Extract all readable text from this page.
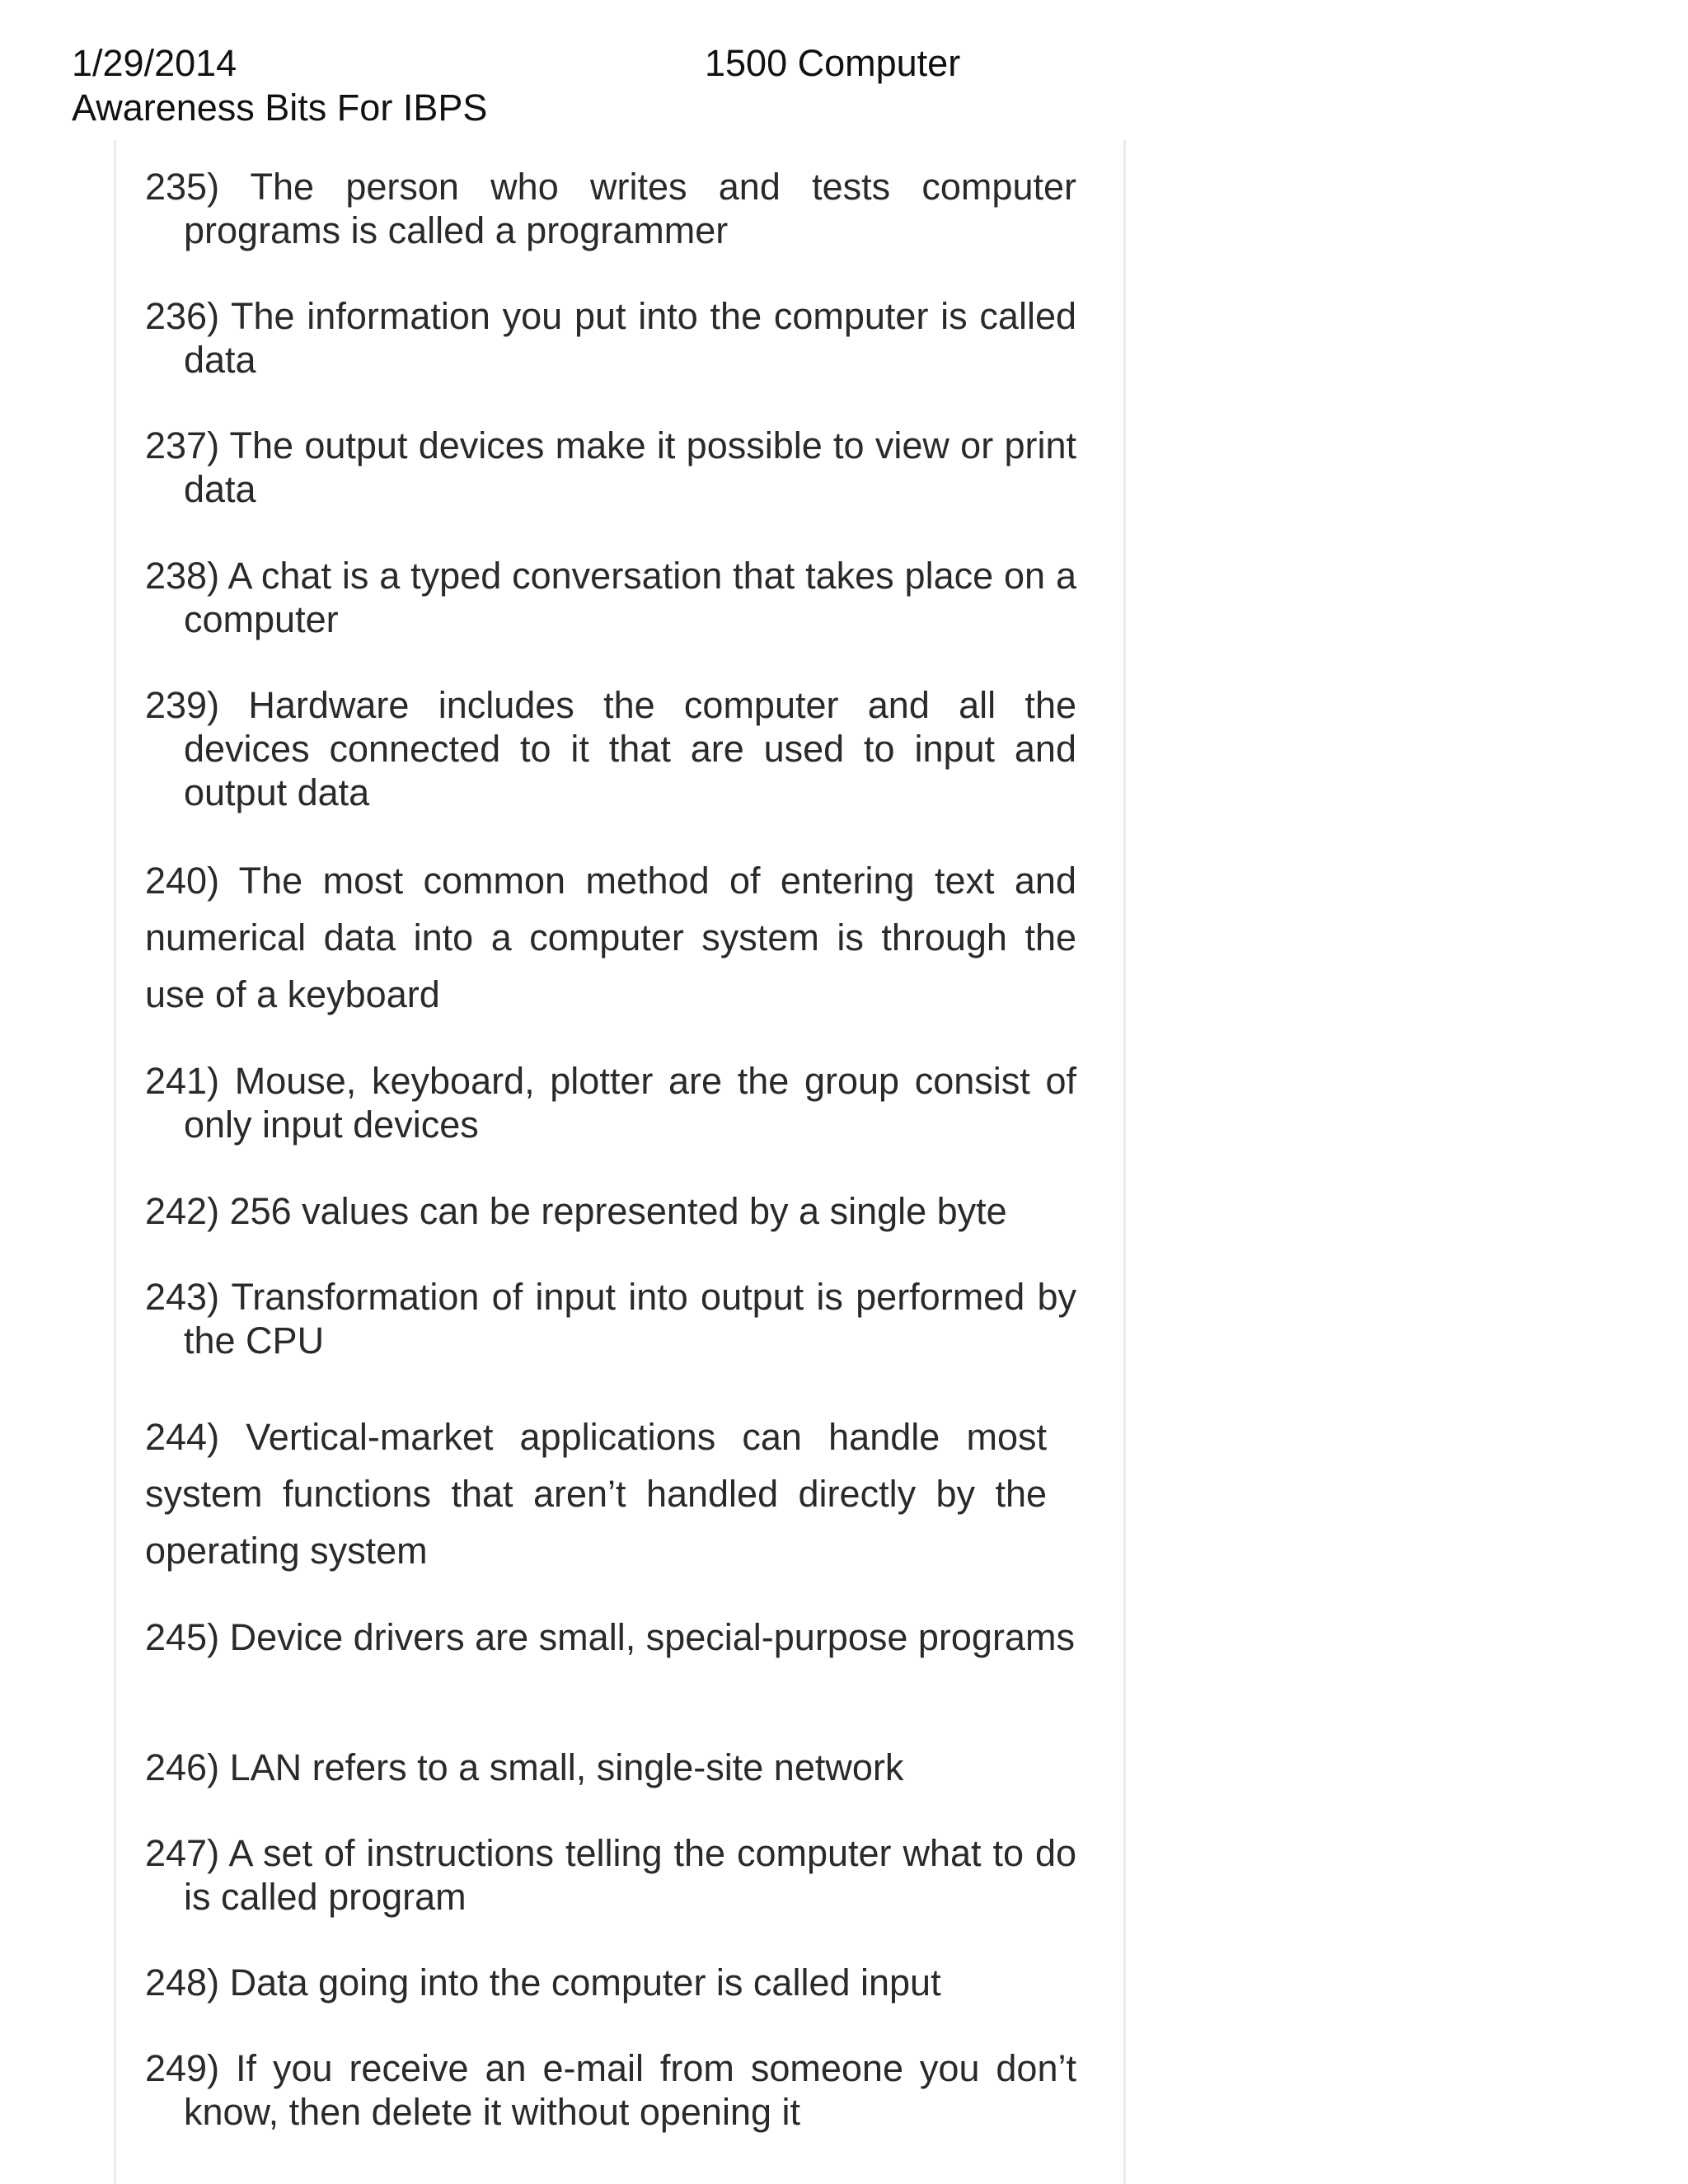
1/29/2014	1500 Computer
Awareness Bits For IBPS
235) The person who writes and tests computer programs is called a programmer
236) The information you put into the computer is called data
237) The output devices make it possible to view or print data
238) A chat is a typed conversation that takes place on a computer
239) Hardware includes the computer and all the devices connected to it that are used to input and output data
240) The most common method of entering text and numerical data into a computer system is through the use of a keyboard
241) Mouse, keyboard, plotter are the group consist of only input devices
242) 256 values can be represented by a single byte
243) Transformation of input into output is performed by the CPU
244) Vertical-market applications can handle most system functions that aren’t handled directly by the operating system
245) Device drivers are small, special-purpose programs
246) LAN refers to a small, single-site network
247) A set of instructions telling the computer what to do is called program
248) Data going into the computer is called input
249) If you receive an e-mail from someone you don’t know, then delete it without opening it
